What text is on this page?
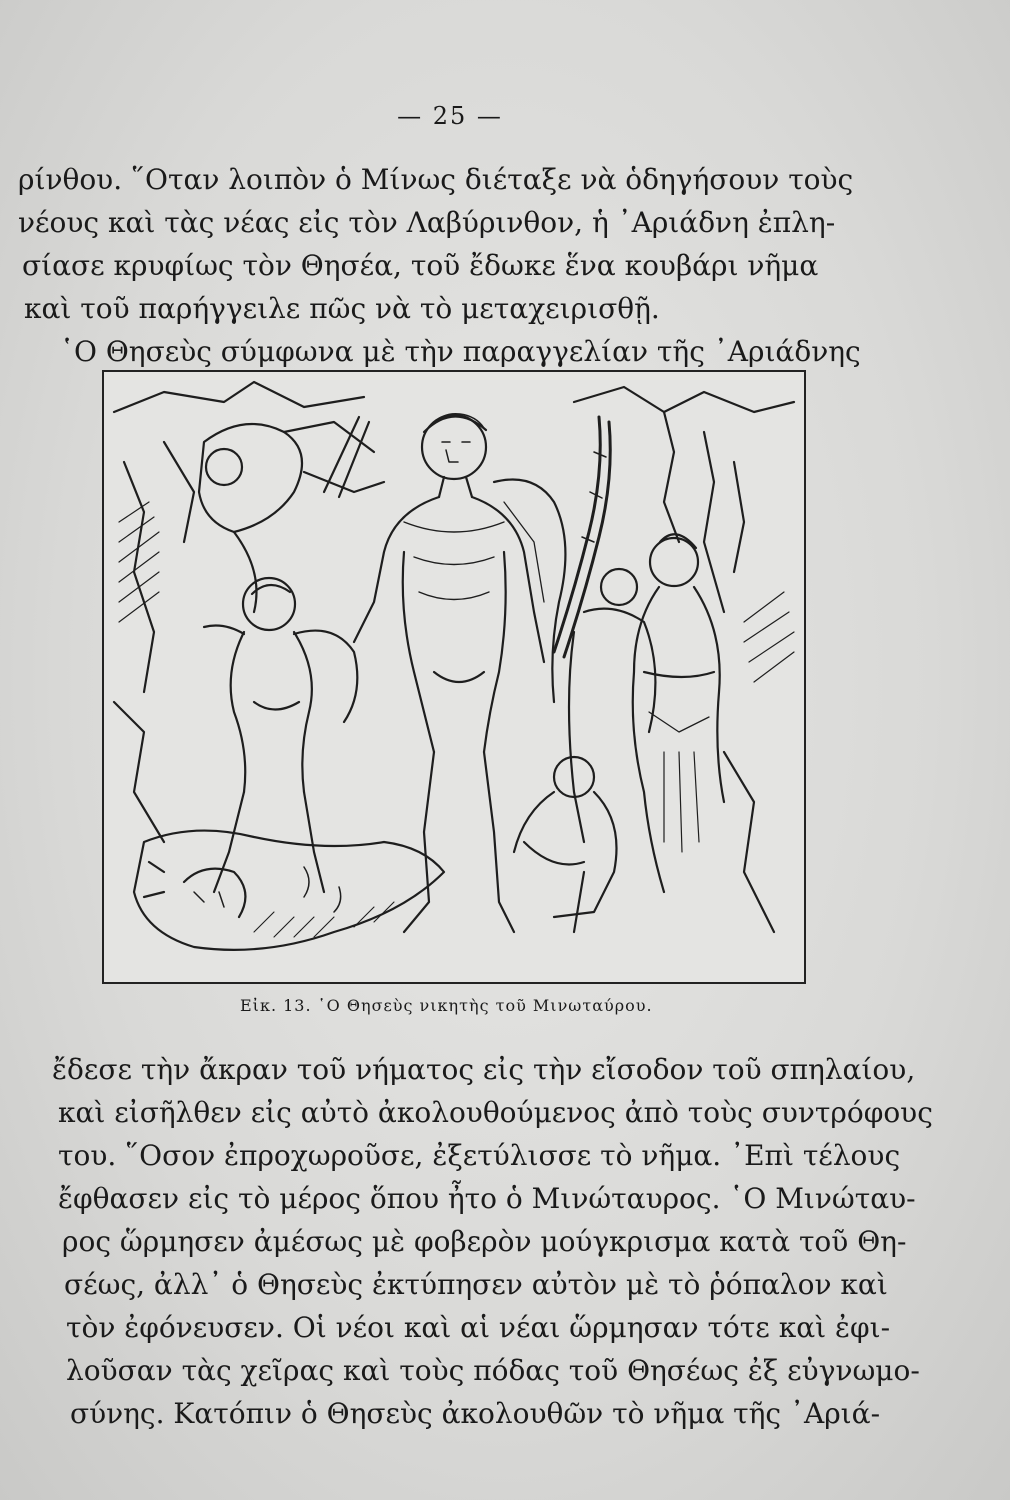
— 25 —
ρίνθου. ῞Οταν λοιπὸν ὁ Μίνως διέταξε νὰ ὁδηγήσουν τοὺς
νέους καὶ τὰς νέας εἰς τὸν Λαβύρινθον, ἡ ᾿Αριάδνη ἐπλη-
σίασε κρυφίως τὸν Θησέα, τοῦ ἔδωκε ἕνα κουβάρι νῆμα
καὶ τοῦ παρήγγειλε πῶς νὰ τὸ μεταχειρισθῇ.
῾Ο Θησεὺς σύμφωνα μὲ τὴν παραγγελίαν τῆς ᾿Αριάδνης
Εἰκ. 13. ῾Ο Θησεὺς νικητὴς τοῦ Μινωταύρου.
ἔδεσε τὴν ἄκραν τοῦ νήματος εἰς τὴν εἴσοδον τοῦ σπηλαίου,
καὶ εἰσῆλθεν εἰς αὐτὸ ἀκολουθούμενος ἀπὸ τοὺς συντρόφους
του. ῞Οσον ἐπροχωροῦσε, ἐξετύλισσε τὸ νῆμα. ᾿Επὶ τέλους
ἔφθασεν εἰς τὸ μέρος ὅπου ἦτο ὁ Μινώταυρος. ῾Ο Μινώταυ-
ρος ὥρμησεν ἀμέσως μὲ φοβερὸν μούγκρισμα κατὰ τοῦ Θη-
σέως, ἀλλ᾿ ὁ Θησεὺς ἐκτύπησεν αὐτὸν μὲ τὸ ῥόπαλον καὶ
τὸν ἐφόνευσεν. Οἱ νέοι καὶ αἱ νέαι ὥρμησαν τότε καὶ ἐφι-
λοῦσαν τὰς χεῖρας καὶ τοὺς πόδας τοῦ Θησέως ἐξ εὐγνωμο-
σύνης. Κατόπιν ὁ Θησεὺς ἀκολουθῶν τὸ νῆμα τῆς ᾿Αριά-
